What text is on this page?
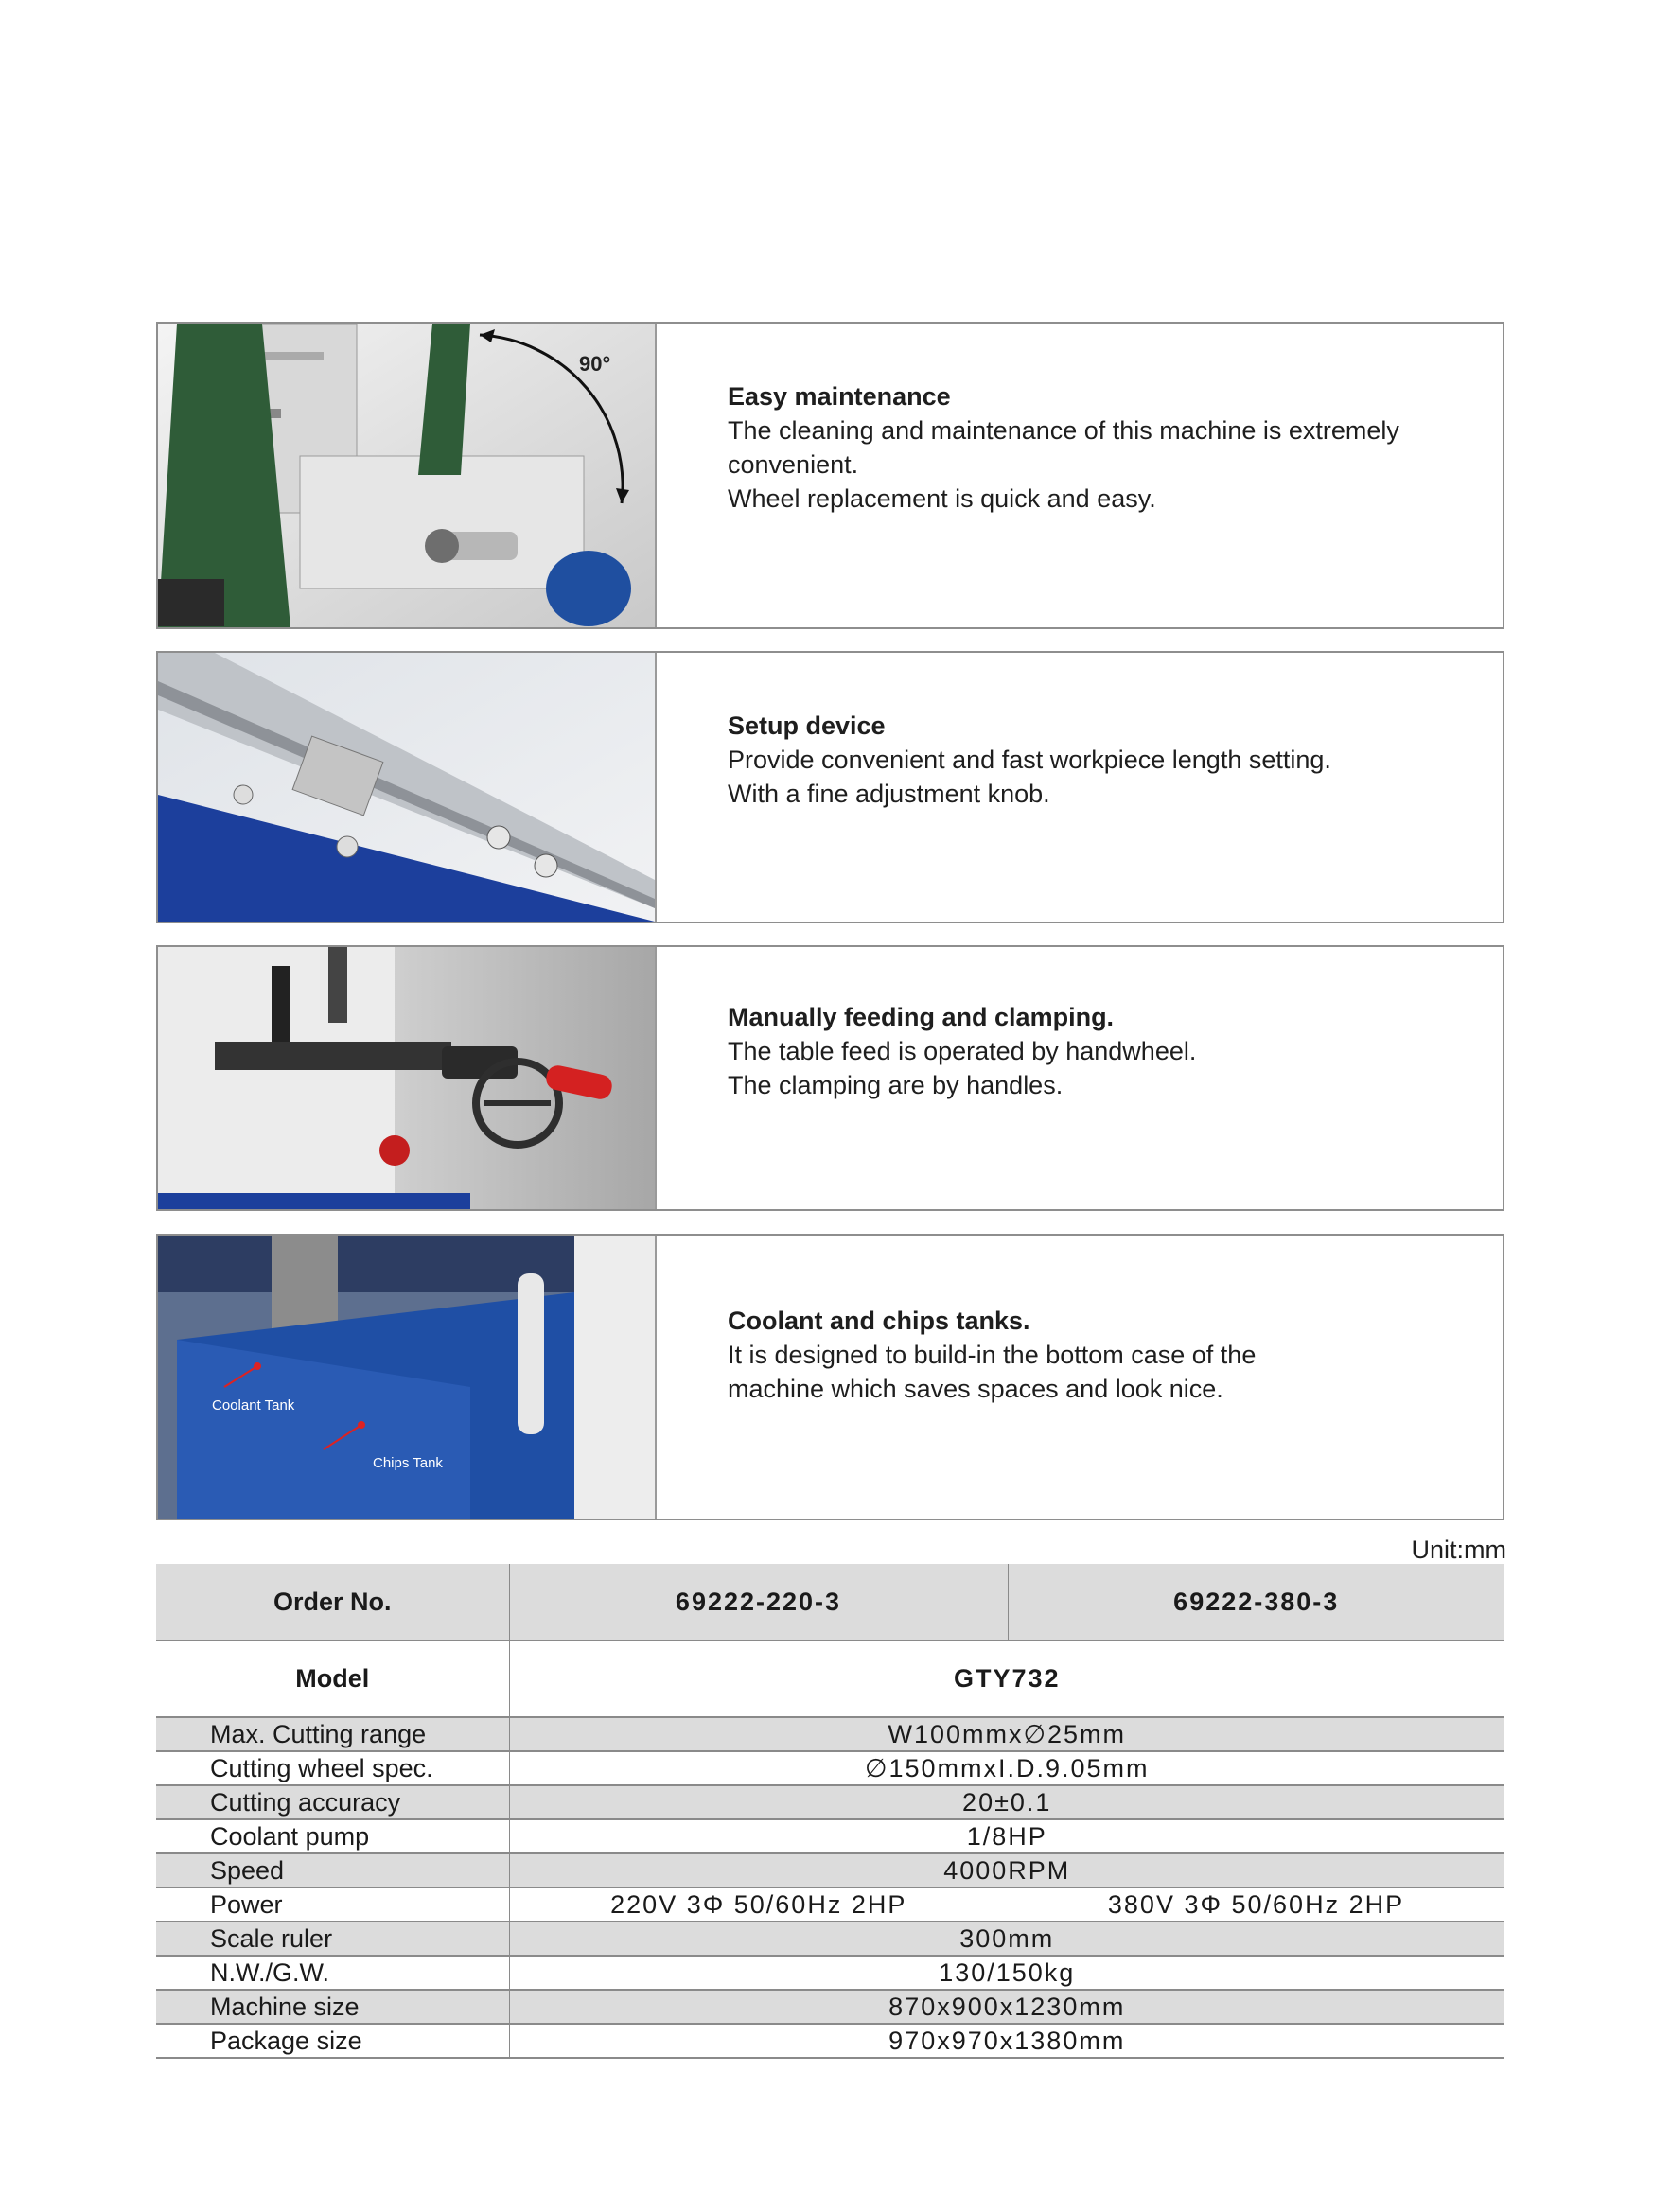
90°
Easy maintenance
The cleaning and maintenance of this machine is extremely
convenient.
Wheel replacement is quick and easy.
Setup device
Provide convenient and fast workpiece length setting.
With a fine adjustment knob.
Manually feeding and clamping.
The table feed is operated by handwheel.
The clamping are by handles.
Coolant Tank
Chips Tank
Coolant and chips tanks.
It is designed to build-in the bottom case of the
machine which saves spaces and look nice.
Unit:mm
Order No.	69222-220-3	69222-380-3
Model	GTY732	
Max. Cutting range	W100mmx∅25mm	
Cutting wheel spec.	∅150mmxI.D.9.05mm	
Cutting accuracy	20±0.1	
Coolant pump	1/8HP	
Speed	4000RPM	
Power	220V 3Φ 50/60Hz 2HP	380V 3Φ 50/60Hz 2HP
Scale ruler	300mm	
N.W./G.W.	130/150kg	
Machine size	870x900x1230mm	
Package size	970x970x1380mm	
